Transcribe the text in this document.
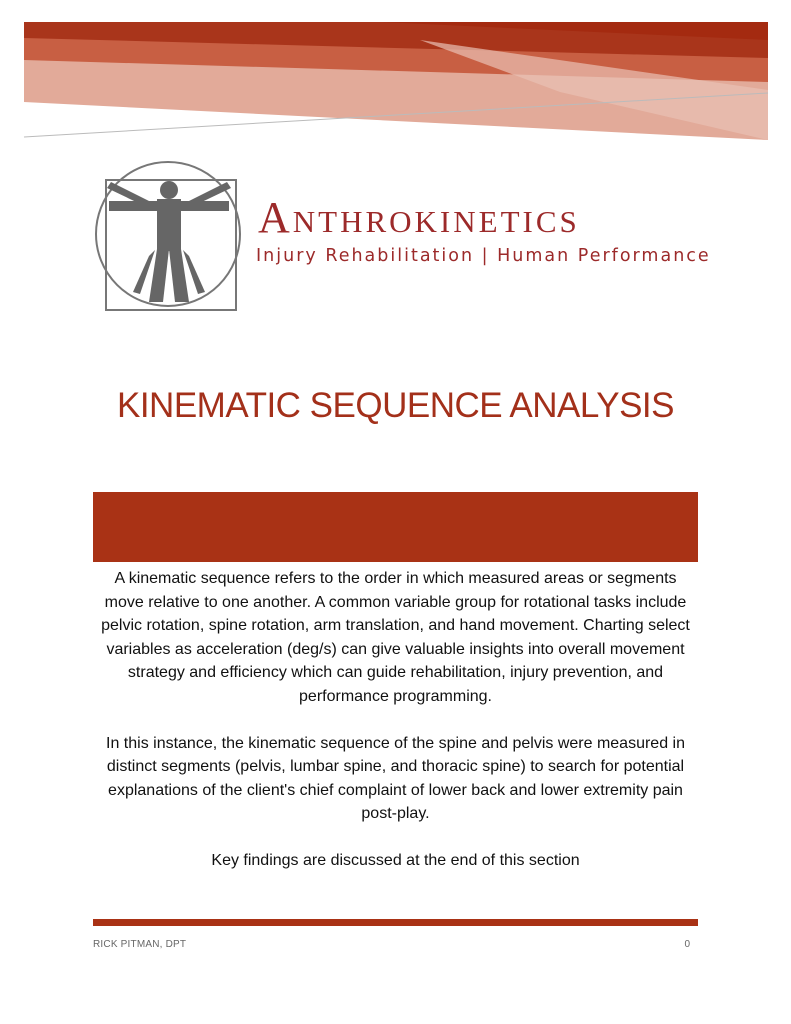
Anthrokinetics
Injury Rehabilitation | Human Performance
KINEMATIC SEQUENCE ANALYSIS

A kinematic sequence refers to the order in which measured areas or segments move relative to one another. A common variable group for rotational tasks include pelvic rotation, spine rotation, arm translation, and hand movement. Charting select variables as acceleration (deg/s) can give valuable insights into overall movement strategy and efficiency which can guide rehabilitation, injury prevention, and performance programming.

In this instance, the kinematic sequence of the spine and pelvis were measured in distinct segments (pelvis, lumbar spine, and thoracic spine) to search for potential explanations of the client's chief complaint of lower back and lower extremity pain post-play.

Key findings are discussed at the end of this section

RICK PITMAN, DPT	0
